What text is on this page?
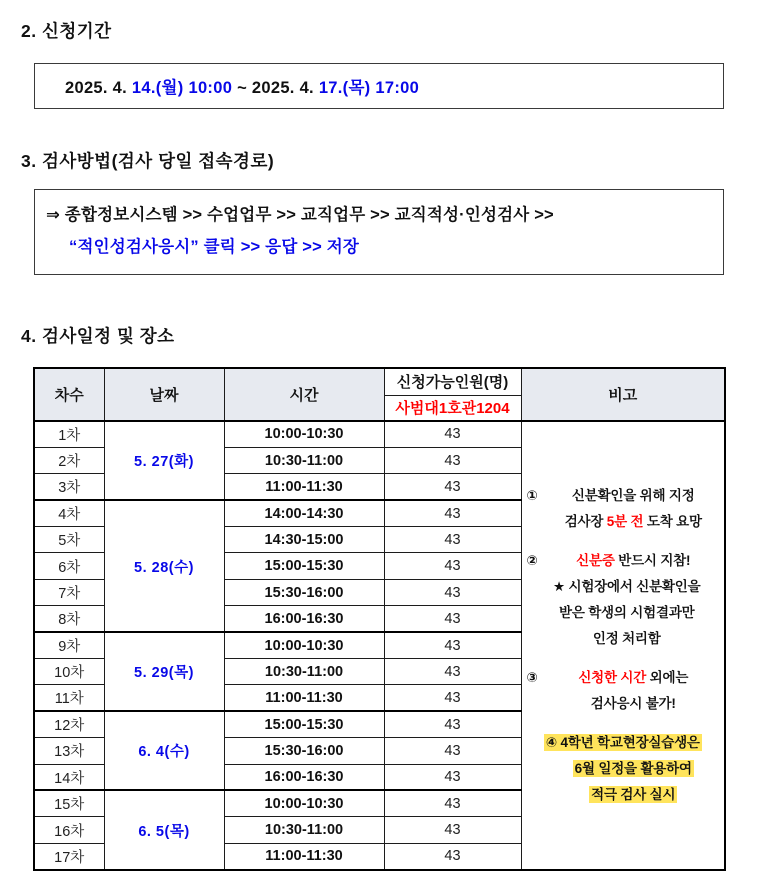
2. 신청기간
2025. 4. 14.(월) 10:00 ~ 2025. 4. 17.(목) 17:00
3. 검사방법(검사 당일 접속경로)
⇒ 종합정보시스템 >> 수업업무 >> 교직업무 >> 교직적성·인성검사 >>
“적인성검사응시” 클릭 >> 응답 >> 저장
4. 검사일정 및 장소
차수	날짜	시간	신청가능인원(명)	비고
			사범대1호관1204	
1차	5. 27(화)	10:00-10:30	43	
①	신분확인을 위해 지정
검사장 5분 전 도착 요망
②	신분증 반드시 지참!
★ 시험장에서 신분확인을
받은 학생의 시험결과만
인정 처리함
③	신청한 시간 외에는
검사응시 불가!
④ 4학년 학교현장실습생은
6월 일정을 활용하여
적극 검사 실시

2차		10:30-11:00	43	
3차		11:00-11:30	43	
4차	5. 28(수)	14:00-14:30	43	
5차		14:30-15:00	43	
6차		15:00-15:30	43	
7차		15:30-16:00	43	
8차		16:00-16:30	43	
9차	5. 29(목)	10:00-10:30	43	
10차		10:30-11:00	43	
11차		11:00-11:30	43	
12차	6. 4(수)	15:00-15:30	43	
13차		15:30-16:00	43	
14차		16:00-16:30	43	
15차	6. 5(목)	10:00-10:30	43	
16차		10:30-11:00	43	
17차		11:00-11:30	43	
